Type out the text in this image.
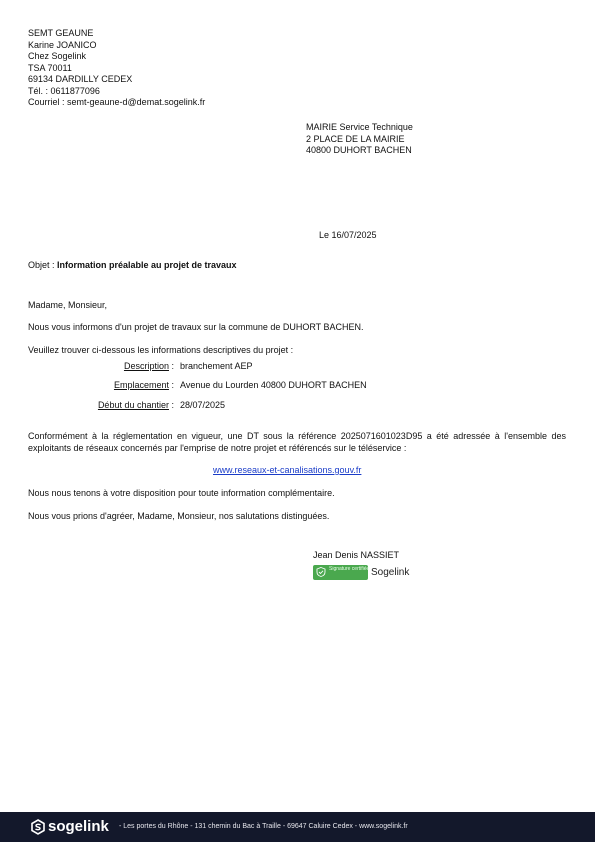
SEMT GEAUNE
Karine JOANICO
Chez Sogelink
TSA 70011
69134 DARDILLY CEDEX
Tél. : 0611877096
Courriel : semt-geaune-d@demat.sogelink.fr
MAIRIE Service Technique
2 PLACE DE LA MAIRIE
40800 DUHORT BACHEN
Le 16/07/2025
Objet : Information préalable au projet de travaux
Madame, Monsieur,
Nous vous informons d'un projet de travaux sur la commune de DUHORT BACHEN.
Veuillez trouver ci-dessous les informations descriptives du projet :
Description : branchement AEP
Emplacement : Avenue du Lourden 40800 DUHORT BACHEN
Début du chantier : 28/07/2025
Conformément à la réglementation en vigueur, une DT sous la référence 2025071601023D95 a été adressée à l'ensemble des exploitants de réseaux concernés par l'emprise de notre projet et référencés sur le téléservice :
www.reseaux-et-canalisations.gouv.fr
Nous nous tenons à votre disposition pour toute information complémentaire.
Nous vous prions d'agréer, Madame, Monsieur, nos salutations distinguées.
Jean Denis NASSIET
Signature certifiée Sogelink
sogelink - Les portes du Rhône - 131 chemin du Bac à Traille - 69647 Caluire Cedex - www.sogelink.fr
